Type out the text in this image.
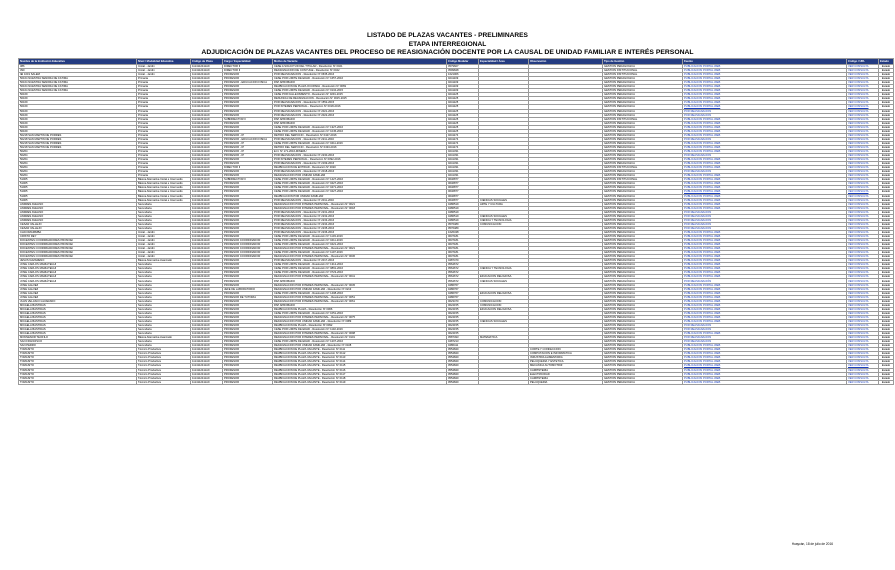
LISTADO DE PLAZAS VACANTES - PRELIMINARES
ETAPA INTERREGIONAL
ADJUDICACIÓN DE PLAZAS VACANTES DEL PROCESO DE REASIGNACIÓN DOCENTE POR LA CAUSAL DE UNIDAD FAMILIAR E INTERÉS PERSONAL
Nombre de la Institución Educativa	Nivel / Modalidad Educativa	Código de Plaza	Cargo / Especialidad	Motivo de Vacante	Código Modular	Especialidad / Área	Observación	Tipo de Gestión	Fuente	Código / URL	Estado
386	Inicial - Jardín	1114112411A9	DIRECTOR II	CESE A SOLICITUD DEL TITULAR - Resolución Nº 0021	0579607			GESTIÓN PEDAGÓGICA	PUBLICACIÓN PORTAL WEB	VER CONSULTA	Estado
390	Inicial - Jardín	1114112411A9	DIRECTOR II	REASIGNACIÓN DE CÓNYUGE - Resolución Nº 0042	0599848			GESTIÓN INSTITUCIONAL	PUBLICACIÓN PORTAL WEB	VER CONSULTA	Estado
IEI 1019 SALEM	Inicial - Jardín	1114112411A9	PROFESOR	POR REASIGNACIÓN - Resolución Nº 0635-2016	1621006			GESTIÓN INSTITUCIONAL	PUBLICACIÓN PORTAL WEB	VER CONSULTA	Estado
50164 NUESTRA SEÑORA DE FÁTIMA	Primaria	1114112411A9	PROFESOR	CESE POR LÍMITE DE EDAD - Resolución Nº 1657-2016	0241109			GESTIÓN PEDAGÓGICA	PUBLICACIÓN PORTAL WEB	VER CONSULTA	Estado
50164 NUESTRA SEÑORA DE FÁTIMA	Primaria	1114112411A9	PROFESOR - EDUCACIÓN FÍSICA	PAP APROBADO	0241109			GESTIÓN PEDAGÓGICA	PUBLICACIÓN PORTAL WEB	VER CONSULTA	Estado
50164 NUESTRA SEÑORA DE FÁTIMA	Primaria	1114112411A9	PROFESOR	REUBICACIÓN DE PLAZA OCUPADA - Resolución Nº 0069	0241109			GESTIÓN PEDAGÓGICA	PUBLICACIÓN PORTAL WEB	VER CONSULTA	Estado
50164 NUESTRA SEÑORA DE FÁTIMA	Primaria	1114112411A9	PROFESOR	CESE POR LÍMITE DE EDAD - Resolución Nº 0134-2015	0241109			GESTIÓN PEDAGÓGICA	PUBLICACIÓN PORTAL WEB	VER CONSULTA	Estado
50169	Primaria	1114112411A9	PROFESOR	CESE POR FALLECIMIENTO - Resolución Nº 0291-2015	0241125			GESTIÓN PEDAGÓGICA	PUBLICACIÓN PORTAL WEB	VER CONSULTA	Estado
50169	Primaria	1114112411A9	PROFESOR	RENUNCIA DE REASIGNACIÓN - Resolución Nº 3015-2015	0241125			GESTIÓN PEDAGÓGICA	PUBLICACIÓN PORTAL WEB	VER CONSULTA	Estado
50169	Primaria	1114112411A9	PROFESOR	POR REASIGNACIÓN - Resolución Nº 1552-2015	0241125			GESTIÓN PEDAGÓGICA	PUBLICACIÓN PORTAL WEB	VER CONSULTA	Estado
50169	Primaria	1114112411A9	PROFESOR	POR INTERÉS PERSONAL - Resolución Nº 0018-2016	0241125			GESTIÓN PEDAGÓGICA	PUBLICACIÓN PORTAL WEB	VER CONSULTA	Estado
50169	Primaria	1114112411A9	PROFESOR	POR REASIGNACIÓN - Resolución Nº 2021-2016	0241125			GESTIÓN PEDAGÓGICA	POR REASIGNACIÓN	VER CONSULTA	Estado
50169	Primaria	1114112411A9	PROFESOR	POR REASIGNACIÓN - Resolución Nº 2022-2016	0241125			GESTIÓN PEDAGÓGICA	POR REASIGNACIÓN	VER CONSULTA	Estado
50169	Primaria	1114112411A9	SUBDIRECTOR II	PAP APROBADO	0241125			GESTIÓN INSTITUCIONAL	PUBLICACIÓN PORTAL WEB	VER CONSULTA	Estado
50169	Primaria	1114112411A9	PROFESOR	PAP APROBADO	0241125			GESTIÓN PEDAGÓGICA	PUBLICACIÓN PORTAL WEB	VER CONSULTA	Estado
50169	Primaria	1114112411A9	PROFESOR	CESE POR LÍMITE DE EDAD - Resolución Nº 1327-2016	0241125			GESTIÓN PEDAGÓGICA	PUBLICACIÓN PORTAL WEB	VER CONSULTA	Estado
50169	Primaria	1114112411A9	PROFESOR	CESE POR LÍMITE DE EDAD - Resolución Nº 1045-2016	0241125			GESTIÓN PEDAGÓGICA	PUBLICACIÓN PORTAL WEB	VER CONSULTA	Estado
50218 SAN MARTÍN DE PORRES	Primaria	1114112411A9	PROFESOR - IP	RETIRO DEL SERVICIO - Resolución Nº 0427-2016	0241174			GESTIÓN PEDAGÓGICA	PUBLICACIÓN PORTAL WEB	VER CONSULTA	Estado
50218 SAN MARTÍN DE PORRES	Primaria	1114112411A9	PROFESOR - EDUCACIÓN FÍSICA	POR REASIGNACIÓN - Resolución Nº 2211-2016	0241174			GESTIÓN PEDAGÓGICA	POR REASIGNACIÓN	VER CONSULTA	Estado
50218 SAN MARTÍN DE PORRES	Primaria	1114112411A9	PROFESOR - IP	CESE POR LÍMITE DE EDAD - Resolución Nº 0411-2016	0241174			GESTIÓN PEDAGÓGICA	PUBLICACIÓN PORTAL WEB	VER CONSULTA	Estado
50218 SAN MARTÍN DE PORRES	Primaria	1114112411A9	PROFESOR - IP	RETIRO DEL SERVICIO - Resolución Nº 0433-2016	0241174			GESTIÓN PEDAGÓGICA	PUBLICACIÓN PORTAL WEB	VER CONSULTA	Estado
50264	Primaria	1114112411A9	PROFESOR - IP	E.N. Nº 171-2016-MINEDU	0241331			GESTIÓN PEDAGÓGICA	PUBLICACIÓN PORTAL WEB	VER CONSULTA	Estado
50264	Primaria	1114112411A9	PROFESOR - IP	POR REASIGNACIÓN - Resolución Nº 2230-2016	0241331			GESTIÓN PEDAGÓGICA	POR REASIGNACIÓN	VER CONSULTA	Estado
50264	Primaria	1114112411A9	PROFESOR	POR INTERÉS PERSONAL - Resolución Nº 0092-2016	0241331			GESTIÓN PEDAGÓGICA	PUBLICACIÓN PORTAL WEB	VER CONSULTA	Estado
50264	Primaria	1114112411A9	PROFESOR	POR REASIGNACIÓN - Resolución Nº 2199-2016	0241331			GESTIÓN PEDAGÓGICA	PUBLICACIÓN PORTAL WEB	VER CONSULTA	Estado
50264	Primaria	1114112411A9	DIRECTOR II	REUBICACIÓN DE ENTIDAD - Resolución Nº 0020	0241331			GESTIÓN INSTITUCIONAL	PUBLICACIÓN PORTAL WEB	VER CONSULTA	Estado
50264	Primaria	1114112411A9	PROFESOR	POR REASIGNACIÓN - Resolución Nº 2018-2016	0241331			GESTIÓN PEDAGÓGICA	POR REASIGNACIÓN	VER CONSULTA	Estado
50264	Primaria	1114112411A9	PROFESOR	REASIGNACIÓN POR UNIDAD FAMILIAR	0241331			GESTIÓN PEDAGÓGICA	PUBLICACIÓN PORTAL WEB	VER CONSULTA	Estado
51005	Básica Alternativa Inicial e Intermedio	1114112411A9	SUBDIRECTOR II	CESE POR LÍMITE DE EDAD - Resolución Nº 1427-2016	0646877			GESTIÓN INSTITUCIONAL	PUBLICACIÓN PORTAL WEB	VER CONSULTA	Estado
51005	Básica Alternativa Inicial e Intermedio	1114112411A9	PROFESOR	CESE POR LÍMITE DE EDAD - Resolución Nº 0427-2016	0646877			GESTIÓN PEDAGÓGICA	PUBLICACIÓN PORTAL WEB	VER CONSULTA	Estado
51005	Básica Alternativa Inicial e Intermedio	1114112411A9	PROFESOR	CESE POR LÍMITE DE EDAD - Resolución Nº 0471-2016	0646877			GESTIÓN PEDAGÓGICA	PUBLICACIÓN PORTAL WEB	VER CONSULTA	Estado
51005	Básica Alternativa Inicial e Intermedio	1114112411A9	PROFESOR	CESE POR LÍMITE DE EDAD - Resolución Nº 0427-2016	0646877			GESTIÓN PEDAGÓGICA	PUBLICACIÓN PORTAL WEB	VER CONSULTA	Estado
51005	Básica Alternativa Inicial e Intermedio	1114112411A9	PROFESOR	REUBICACIÓN POR UNIDAD FAMILIAR	0646877			GESTIÓN PEDAGÓGICA	PUBLICACIÓN PORTAL WEB	VER CONSULTA	Estado
51005	Básica Alternativa Inicial e Intermedio	1114112411A9	PROFESOR	POR REASIGNACIÓN - Resolución Nº 2011-2016	0646877	CIENCIAS SOCIALES		GESTIÓN PEDAGÓGICA	PUBLICACIÓN PORTAL WEB	VER CONSULTA	Estado
ANDRÉS AVELINO	Secundaria	1114112411A9	PROFESOR	REASIGNACIÓN POR INTERÉS PERSONAL - Resolución Nº 0021	0486519	ARTE Y CULTURA		GESTIÓN PEDAGÓGICA	PUBLICACIÓN PORTAL WEB	VER CONSULTA	Estado
ANDRÉS AVELINO	Secundaria	1114112411A9	PROFESOR	REASIGNACIÓN POR INTERÉS PERSONAL - Resolución Nº 0018	0486519			GESTIÓN PEDAGÓGICA	PUBLICACIÓN PORTAL WEB	VER CONSULTA	Estado
ANDRÉS AVELINO	Secundaria	1114112411A9	PROFESOR	POR REASIGNACIÓN - Resolución Nº 2231-2016	0486519			GESTIÓN PEDAGÓGICA	POR REASIGNACIÓN	VER CONSULTA	Estado
ANDRÉS AVELINO	Secundaria	1114112411A9	PROFESOR	POR REASIGNACIÓN - Resolución Nº 2232-2016	0486519	CIENCIAS SOCIALES		GESTIÓN PEDAGÓGICA	POR REASIGNACIÓN	VER CONSULTA	Estado
ANDRÉS AVELINO	Secundaria	1114112411A9	PROFESOR	POR REASIGNACIÓN - Resolución Nº 2233-2016	0486519	CIENCIA Y TECNOLOGÍA		GESTIÓN PEDAGÓGICA	POR REASIGNACIÓN	VER CONSULTA	Estado
CÉSAR VALLEJO	Secundaria	1114112411A9	PROFESOR	POR REASIGNACIÓN - Resolución Nº 2234-2016	0576489	COMUNICACIÓN		GESTIÓN PEDAGÓGICA	POR REASIGNACIÓN	VER CONSULTA	Estado
CÉSAR VALLEJO	Secundaria	1114112411A9	PROFESOR	POR REASIGNACIÓN - Resolución Nº 2235-2016	0576489			GESTIÓN PEDAGÓGICA	POR REASIGNACIÓN	VER CONSULTA	Estado
CHICOMARIMBA	Inicial - Jardín	1114112411A9	PROFESOR	POR REASIGNACIÓN - Resolución Nº 2236-2016	1626438			GESTIÓN PEDAGÓGICA	PUBLICACIÓN PORTAL WEB	VER CONSULTA	Estado
CRISTO REY	Inicial - Jardín	1114112411A9	PROFESOR	CESE POR LÍMITE DE EDAD - Resolución Nº 1103-2016	0637181			GESTIÓN PEDAGÓGICA	PUBLICACIÓN PORTAL WEB	VER CONSULTA	Estado
DOCENTES COORDINADORES PRONOEI	Inicial - Jardín	1114112411A9	PROFESOR COORDINADOR	CESE POR LÍMITE DE EDAD - Resolución Nº 0411-2016	0637181			GESTIÓN PEDAGÓGICA	PUBLICACIÓN PORTAL WEB	VER CONSULTA	Estado
DOCENTES COORDINADORES PRONOEI	Inicial - Jardín	1114112411A9	PROFESOR COORDINADOR	CESE POR LÍMITE DE EDAD - Resolución Nº 0421-2016	0637181			GESTIÓN PEDAGÓGICA	PUBLICACIÓN PORTAL WEB	VER CONSULTA	Estado
DOCENTES COORDINADORES PRONOEI	Inicial - Jardín	1114112411A9	PROFESOR COORDINADOR	REASIGNACIÓN POR INTERÉS PERSONAL - Resolución Nº 0021	0637181			GESTIÓN PEDAGÓGICA	PUBLICACIÓN PORTAL WEB	VER CONSULTA	Estado
DOCENTES COORDINADORES PRONOEI	Inicial - Jardín	1114112411A9	PROFESOR COORDINADOR	CESE POR LÍMITE DE EDAD - Resolución Nº 1107-2016	0637181			GESTIÓN PEDAGÓGICA	PUBLICACIÓN PORTAL WEB	VER CONSULTA	Estado
DOCENTES COORDINADORES PRONOEI	Inicial - Jardín	1114112411A9	PROFESOR COORDINADOR	REASIGNACIÓN POR INTERÉS PERSONAL - Resolución Nº 0036	0637181			GESTIÓN PEDAGÓGICA	PUBLICACIÓN PORTAL WEB	VER CONSULTA	Estado
JESÚS NAZARENO	Básica Alternativa Avanzado	1114112411A9	PROFESOR	POR REASIGNACIÓN - Resolución Nº 2017-2016	0487470			GESTIÓN PEDAGÓGICA	PUBLICACIÓN PORTAL WEB	VER CONSULTA	Estado
JOSÉ CARLOS MARIÁTEGUI	Secundaria	1114112411A9	PROFESOR	CESE POR LÍMITE DE EDAD - Resolución Nº 1312-2016	0564672			GESTIÓN PEDAGÓGICA	PUBLICACIÓN PORTAL WEB	VER CONSULTA	Estado
JOSÉ CARLOS MARIÁTEGUI	Secundaria	1114112411A9	PROFESOR	CESE POR LÍMITE DE EDAD - Resolución Nº 0891-2016	0564672	CIENCIA Y TECNOLOGÍA		GESTIÓN PEDAGÓGICA	PUBLICACIÓN PORTAL WEB	VER CONSULTA	Estado
JOSÉ CARLOS MARIÁTEGUI	Secundaria	1114112411A9	PROFESOR	CESE POR LÍMITE DE EDAD - Resolución Nº 0723-2016	0564672			GESTIÓN PEDAGÓGICA	PUBLICACIÓN PORTAL WEB	VER CONSULTA	Estado
JOSÉ CARLOS MARIÁTEGUI	Secundaria	1114112411A9	PROFESOR	REASIGNACIÓN POR INTERÉS PERSONAL - Resolución Nº 0041	0564672	EDUCACIÓN RELIGIOSA		GESTIÓN PEDAGÓGICA	PUBLICACIÓN PORTAL WEB	VER CONSULTA	Estado
JOSÉ CARLOS MARIÁTEGUI	Secundaria	1114112411A9	PROFESOR	PAP APROBADO	0564672	CIENCIAS SOCIALES		GESTIÓN PEDAGÓGICA	POR REASIGNACIÓN	VER CONSULTA	Estado
JOSÉ GÁLVEZ	Secundaria	1114112411A9	PROFESOR	REASIGNACIÓN POR INTERÉS PERSONAL - Resolución Nº 0045	0486767			GESTIÓN PEDAGÓGICA	PUBLICACIÓN PORTAL WEB	VER CONSULTA	Estado
JOSÉ GÁLVEZ	Secundaria	1114112411A9	JEFE DE LABORATORIO	REASIGNACIÓN POR UNIDAD FAMILIAR - Resolución Nº 0213	0486767			GESTIÓN PEDAGÓGICA	PUBLICACIÓN PORTAL WEB	VER CONSULTA	Estado
JOSÉ GÁLVEZ	Secundaria	1114112411A9	PROFESOR	CESE POR LÍMITE DE EDAD - Resolución Nº 1408-2016	0486767	EDUCACIÓN RELIGIOSA		GESTIÓN PEDAGÓGICA	PUBLICACIÓN PORTAL WEB	VER CONSULTA	Estado
JOSÉ GÁLVEZ	Secundaria	1114112411A9	PROFESOR DE TUTORÍA	REASIGNACIÓN POR INTERÉS PERSONAL - Resolución Nº 0051	0486767			GESTIÓN PEDAGÓGICA	PUBLICACIÓN PORTAL WEB	VER CONSULTA	Estado
JUAN VELASCO ALVARADO	Secundaria	1114112411A9	PROFESOR	REASIGNACIÓN POR INTERÉS PERSONAL - Resolución Nº 0061	0623470	COMUNICACIÓN		GESTIÓN PEDAGÓGICA	PUBLICACIÓN PORTAL WEB	VER CONSULTA	Estado
MICAELA BASTIDAS	Secundaria	1114112411A9	PROFESOR	PAP APROBADO	0624155	COMUNICACIÓN		GESTIÓN PEDAGÓGICA	PUBLICACIÓN PORTAL WEB	VER CONSULTA	Estado
MICAELA BASTIDAS	Secundaria	1114112411A9	PROFESOR	REUBICACIÓN DE PLAZA - Resolución Nº 0066	0624155	EDUCACIÓN RELIGIOSA		GESTIÓN PEDAGÓGICA	PUBLICACIÓN PORTAL WEB	VER CONSULTA	Estado
MICAELA BASTIDAS	Secundaria	1114112411A9	PROFESOR	CESE POR LÍMITE DE EDAD - Resolución Nº 1051-2016	0624155			GESTIÓN PEDAGÓGICA	PUBLICACIÓN PORTAL WEB	VER CONSULTA	Estado
MICAELA BASTIDAS	Secundaria	1114112411A9	PROFESOR	REASIGNACIÓN POR INTERÉS PERSONAL - Resolución Nº 0075	0624155			GESTIÓN PEDAGÓGICA	PUBLICACIÓN PORTAL WEB	VER CONSULTA	Estado
MICAELA BASTIDAS	Secundaria	1114112411A9	PROFESOR	REASIGNACIÓN POR UNIDAD FAMILIAR - Resolución Nº 0089	0624155	CIENCIAS SOCIALES		GESTIÓN PEDAGÓGICA	PUBLICACIÓN PORTAL WEB	VER CONSULTA	Estado
MICAELA BASTIDAS	Secundaria	1114112411A9	PROFESOR	REUBICACIÓN DE PLAZA - Resolución Nº 0092	0624155			GESTIÓN PEDAGÓGICA	POR REASIGNACIÓN	VER CONSULTA	Estado
MICAELA BASTIDAS	Secundaria	1114112411A9	PROFESOR	CESE POR LÍMITE DE EDAD - Resolución Nº 1132-2016	0624155			GESTIÓN PEDAGÓGICA	POR REASIGNACIÓN	VER CONSULTA	Estado
MICAELA BASTIDAS	Secundaria	1114112411A9	PROFESOR	REASIGNACIÓN POR INTERÉS PERSONAL - Resolución Nº 0098	0624155			GESTIÓN PEDAGÓGICA	PUBLICACIÓN PORTAL WEB	VER CONSULTA	Estado
MONSEÑOR TEÓFILO	Básica Alternativa Avanzado	1114112411A9	PROFESOR	REASIGNACIÓN POR INTERÉS PERSONAL - Resolución Nº 0101	0587493	MATEMÁTICA		GESTIÓN PEDAGÓGICA	POR REASIGNACIÓN	VER CONSULTA	Estado
SAN FRANCISCO	Secundaria	1114112411A9	PROFESOR	CESE POR LÍMITE DE EDAD - Resolución Nº 1207-2016	0487213			GESTIÓN PEDAGÓGICA	POR REASIGNACIÓN	VER CONSULTA	Estado
SAN PEDRO	Secundaria	1114112411A9	PROFESOR	REASIGNACIÓN POR UNIDAD FAMILIAR - Resolución Nº 0108	0486411			GESTIÓN PEDAGÓGICA	PUBLICACIÓN PORTAL WEB	VER CONSULTA	Estado
TOMASITO	Técnico Productiva	1114112411A9	PROFESOR	REUBICACIÓN DE PLAZA VACANTE - Resolución Nº 0111	0554840		CORTE Y CONFECCIÓN	GESTIÓN PEDAGÓGICA	PUBLICACIÓN PORTAL WEB	VER CONSULTA	Estado
TOMASITO	Técnico Productiva	1114112411A9	PROFESOR	REUBICACIÓN DE PLAZA VACANTE - Resolución Nº 0112	0554840		COMPUTACIÓN E INFORMÁTICA	GESTIÓN PEDAGÓGICA	PUBLICACIÓN PORTAL WEB	VER CONSULTA	Estado
TOMASITO	Técnico Productiva	1114112411A9	PROFESOR	REUBICACIÓN DE PLAZA VACANTE - Resolución Nº 0113	0554840		INDUSTRIA ALIMENTARIA	GESTIÓN PEDAGÓGICA	PUBLICACIÓN PORTAL WEB	VER CONSULTA	Estado
TOMASITO	Técnico Productiva	1114112411A9	PROFESOR	REUBICACIÓN DE PLAZA VACANTE - Resolución Nº 0114	0554840		PELUQUERÍA Y ESTÉTICA	GESTIÓN PEDAGÓGICA	PUBLICACIÓN PORTAL WEB	VER CONSULTA	Estado
TOMASITO	Técnico Productiva	1114112411A9	PROFESOR	REUBICACIÓN DE PLAZA VACANTE - Resolución Nº 0115	0554840		MECÁNICA AUTOMOTRIZ	GESTIÓN PEDAGÓGICA	PUBLICACIÓN PORTAL WEB	VER CONSULTA	Estado
TOMASITO	Técnico Productiva	1114112411A9	PROFESOR	REUBICACIÓN DE PLAZA VACANTE - Resolución Nº 0116	0554840		CARPINTERÍA	GESTIÓN PEDAGÓGICA	PUBLICACIÓN PORTAL WEB	VER CONSULTA	Estado
TOMASITO	Técnico Productiva	1114112411A9	PROFESOR	REUBICACIÓN DE PLAZA VACANTE - Resolución Nº 0117	0554840		ELECTRICIDAD	GESTIÓN PEDAGÓGICA	PUBLICACIÓN PORTAL WEB	VER CONSULTA	Estado
TOMASITO	Técnico Productiva	1114112411A9	PROFESOR	REUBICACIÓN DE PLAZA VACANTE - Resolución Nº 0118	0554840		CARPINTERÍA	GESTIÓN PEDAGÓGICA	PUBLICACIÓN PORTAL WEB	VER CONSULTA	Estado
TOMASITO	Técnico Productiva	1114112411A9	PROFESOR	REUBICACIÓN DE PLAZA VACANTE - Resolución Nº 0119	0554840		PELUQUERÍA	GESTIÓN PEDAGÓGICA	PUBLICACIÓN PORTAL WEB	VER CONSULTA	Estado
Huaycán, 18 de julio de 2016
